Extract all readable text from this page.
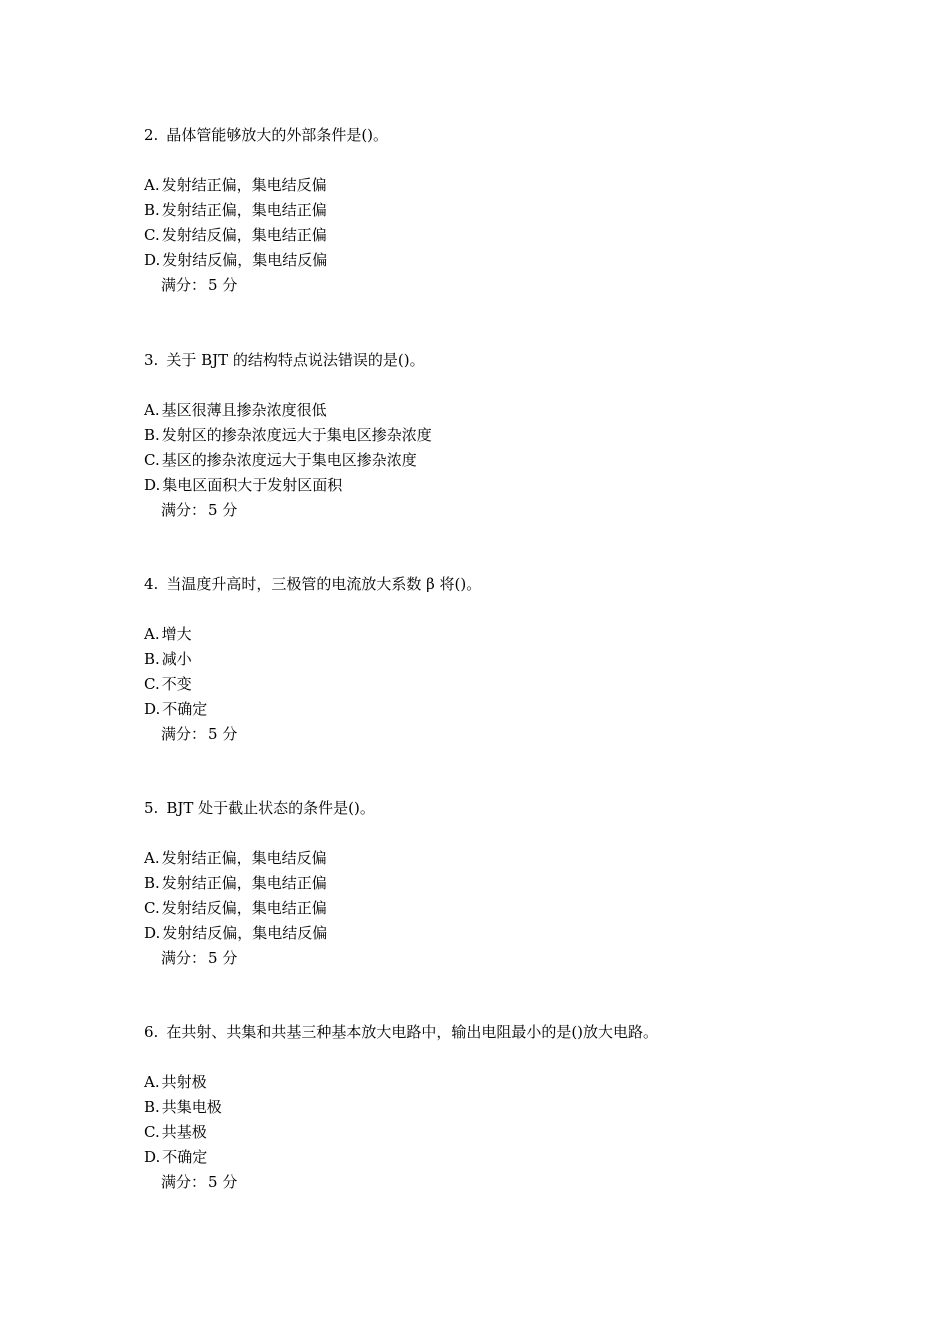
2. 晶体管能够放大的外部条件是()。
A. 发射结正偏，集电结反偏
B. 发射结正偏，集电结正偏
C. 发射结反偏，集电结正偏
D. 发射结反偏，集电结反偏
满分： 5 分
3. 关于 BJT 的结构特点说法错误的是()。
A. 基区很薄且掺杂浓度很低
B. 发射区的掺杂浓度远大于集电区掺杂浓度
C. 基区的掺杂浓度远大于集电区掺杂浓度
D. 集电区面积大于发射区面积
满分： 5 分
4. 当温度升高时，三极管的电流放大系数 β 将()。
A. 增大
B. 减小
C. 不变
D. 不确定
满分： 5 分
5. BJT 处于截止状态的条件是()。
A. 发射结正偏，集电结反偏
B. 发射结正偏，集电结正偏
C. 发射结反偏，集电结正偏
D. 发射结反偏，集电结反偏
满分： 5 分
6. 在共射、共集和共基三种基本放大电路中，输出电阻最小的是()放大电路。
A. 共射极
B. 共集电极
C. 共基极
D. 不确定
满分： 5 分
